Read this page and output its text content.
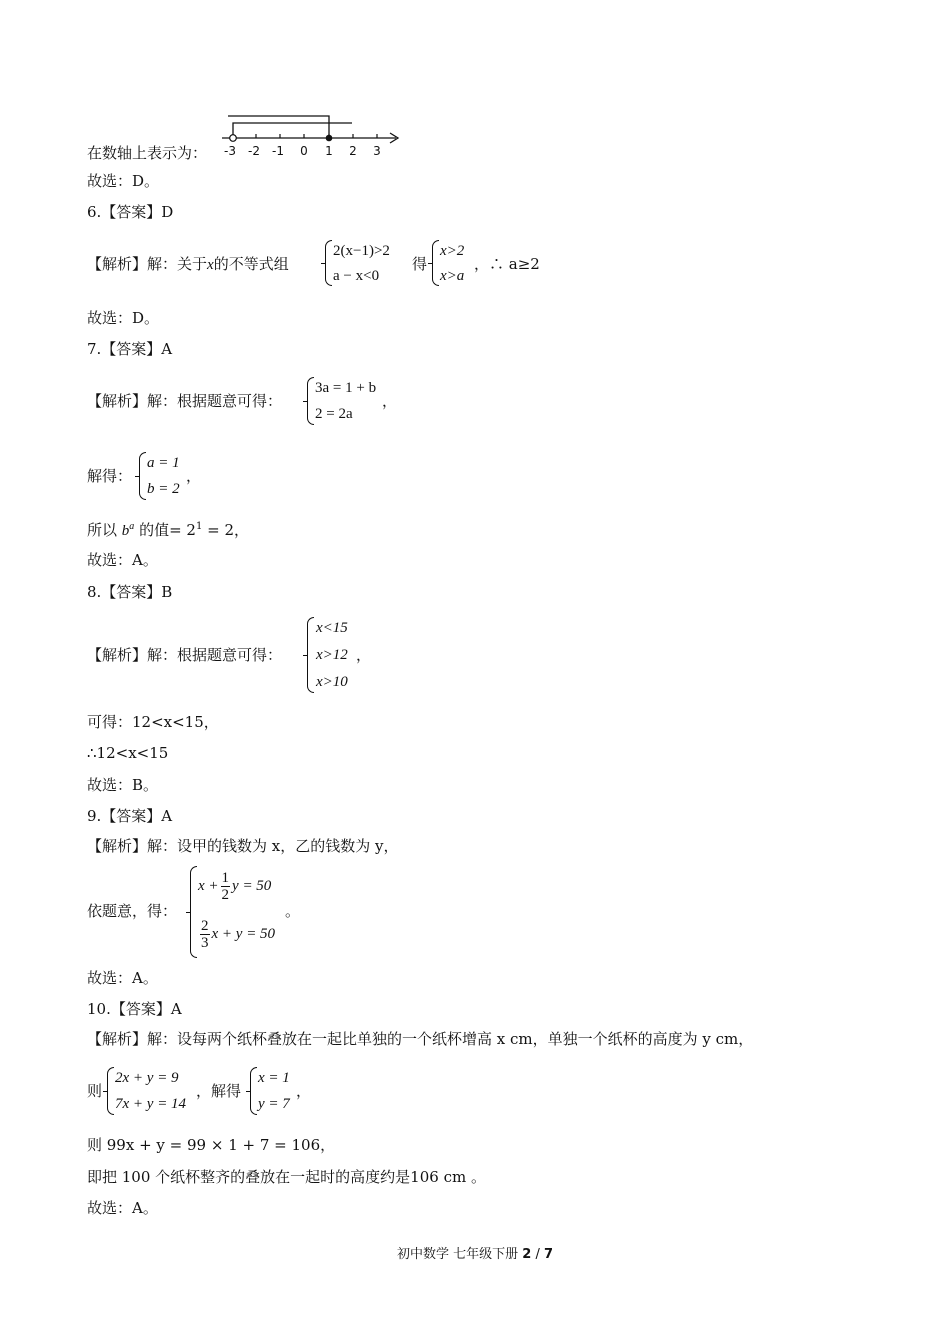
在数轴上表示为： -3 -2 -1 0 1 2 3
故选：D。
6.【答案】D
【解析】解：关于x的不等式组
2(x−1)>2
a − x<0
得
x>2
x>a
，∴ a≥2
故选：D。
7.【答案】A
【解析】解：根据题意可得：
3a = 1 + b
2 = 2a
，
解得：
a = 1
b = 2
，
所以 $b^a$ 的值= $2^1 = 2$，
故选：A。
8.【答案】B
【解析】解：根据题意可得：
x<15
x>12
x>10
，
可得：12<x<15，
∴12<x<15
故选：B。
9.【答案】A
【解析】解：设甲的钱数为 x，乙的钱数为 y，
依题意，得：
$x + \frac{1}{2}$ y = 50
$\frac{2}{3}$ x + y = 50
。
故选：A。
10.【答案】A
【解析】解：设每两个纸杯叠放在一起比单独的一个纸杯增高 x cm，单独一个纸杯的高度为 y cm，
则
2x + y = 9
7x + y = 14
，解得
x = 1
y = 7
，
则 99x + y = 99 × 1 + 7 = 106，
即把 100 个纸杯整齐的叠放在一起时的高度约是106 cm 。
故选：A。
初中数学 七年级下册 2 / 7
